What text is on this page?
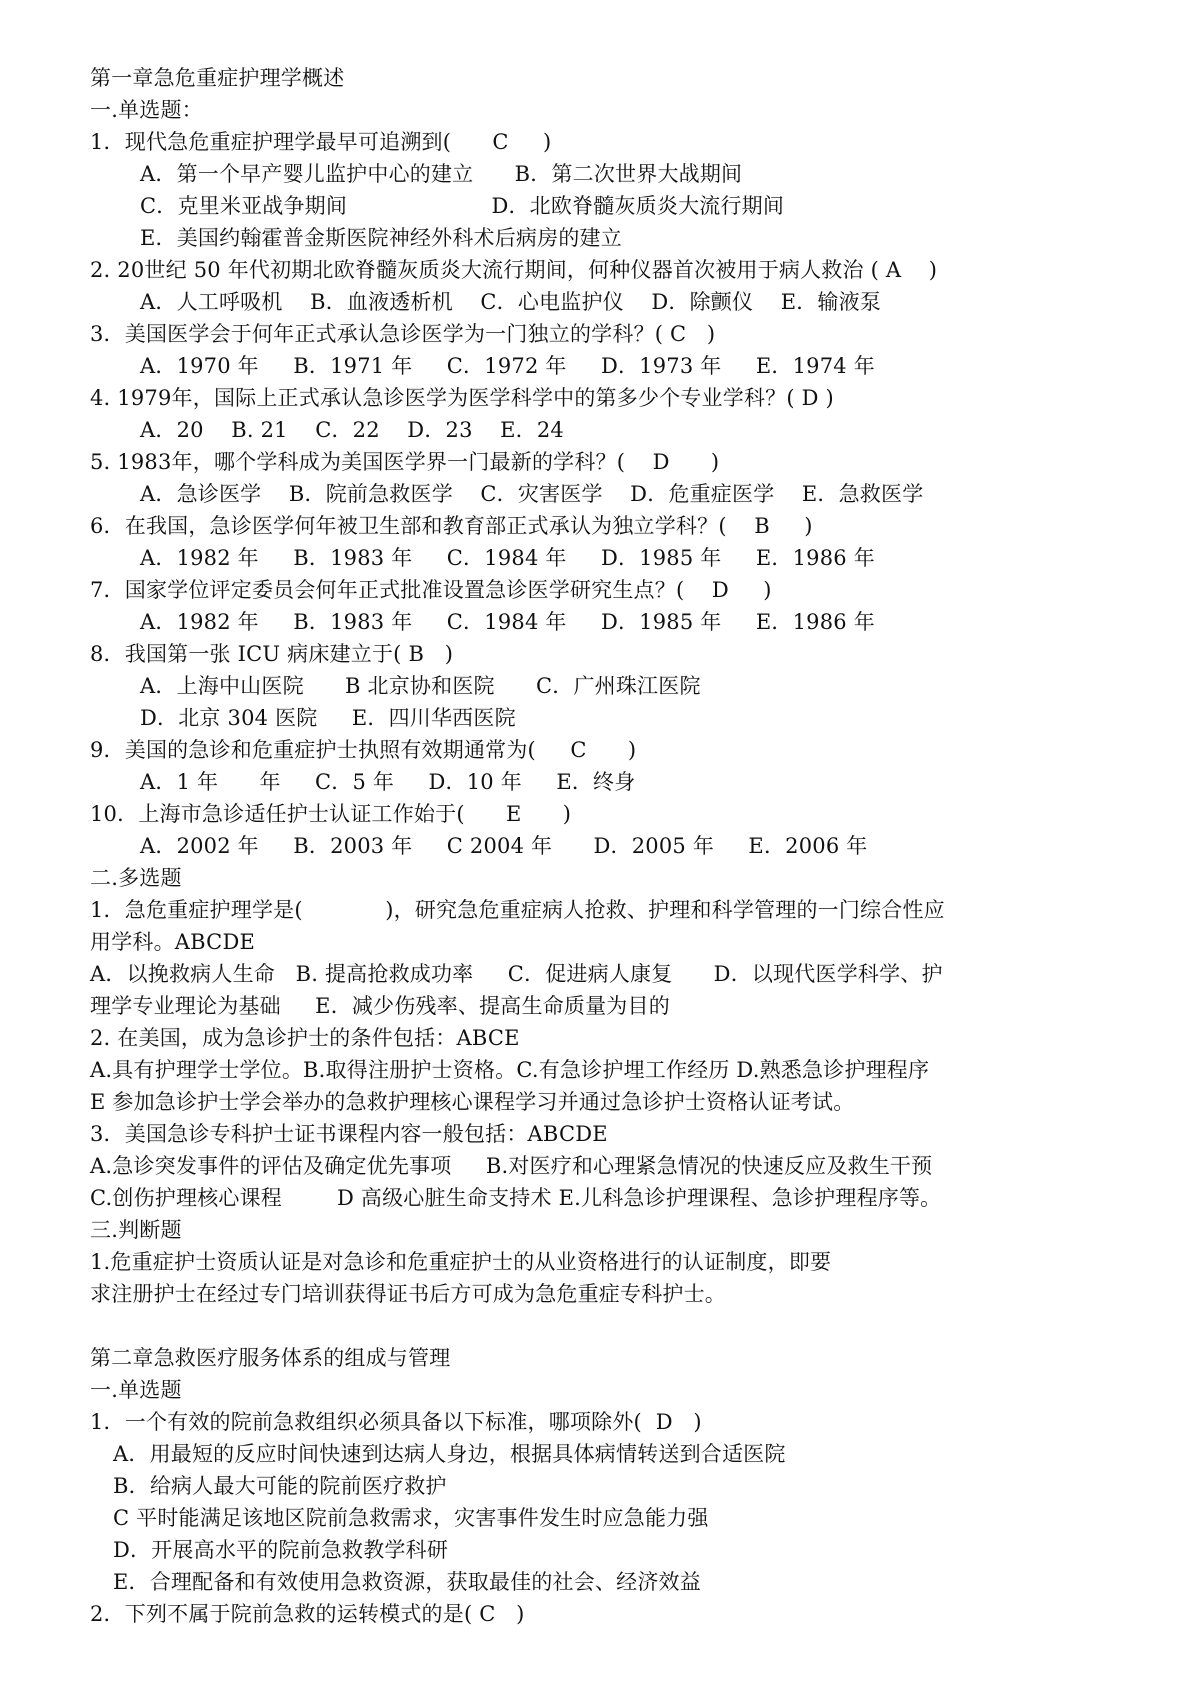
第一章急危重症护理学概述
一.单选题：
1．现代急危重症护理学最早可追溯到(      C     )
A．第一个早产婴儿监护中心的建立      B．第二次世界大战期间
C．克里米亚战争期间                     D．北欧脊髓灰质炎大流行期间
E．美国约翰霍普金斯医院神经外科术后病房的建立
2. 20世纪 50 年代初期北欧脊髓灰质炎大流行期间，何种仪器首次被用于病人救治 ( A    )
A．人工呼吸机    B．血液透析机    C．心电监护仪    D．除颤仪    E．输液泵
3．美国医学会于何年正式承认急诊医学为一门独立的学科？( C   )
A．1970 年     B．1971 年     C．1972 年     D．1973 年     E．1974 年
4. 1979年，国际上正式承认急诊医学为医学科学中的第多少个专业学科？( D )
A．20    B. 21    C．22    D．23    E．24
5. 1983年，哪个学科成为美国医学界一门最新的学科？(    D      )
A．急诊医学    B．院前急救医学    C．灾害医学    D．危重症医学    E．急救医学
6．在我国，急诊医学何年被卫生部和教育部正式承认为独立学科？(    B     )
A．1982 年     B．1983 年     C．1984 年     D．1985 年     E．1986 年
7．国家学位评定委员会何年正式批准设置急诊医学研究生点？(    D     )
A．1982 年     B．1983 年     C．1984 年     D．1985 年     E．1986 年
8．我国第一张 ICU 病床建立于( B   )
A．上海中山医院      B 北京协和医院      C．广州珠江医院
D．北京 304 医院     E．四川华西医院
9．美国的急诊和危重症护士执照有效期通常为(     C      )
A．1 年      年     C．5 年     D．10 年     E．终身
10．上海市急诊适任护士认证工作始于(      E      )
A．2002 年     B．2003 年     C 2004 年      D．2005 年     E．2006 年
二.多选题
1．急危重症护理学是(            )，研究急危重症病人抢救、护理和科学管理的一门综合性应
用学科。ABCDE
A．以挽救病人生命   B. 提高抢救成功率     C．促进病人康复      D．以现代医学科学、护
理学专业理论为基础     E．减少伤残率、提高生命质量为目的
2. 在美国，成为急诊护士的条件包括：ABCE
A.具有护理学士学位。B.取得注册护士资格。C.有急诊护埋工作经历 D.熟悉急诊护理程序
E 参加急诊护士学会举办的急救护理核心课程学习并通过急诊护士资格认证考试。
3．美国急诊专科护士证书课程内容一般包括：ABCDE
A.急诊突发事件的评估及确定优先事项     B.对医疗和心理紧急情况的快速反应及救生干预
C.创伤护理核心课程        D 高级心脏生命支持术 E.儿科急诊护理课程、急诊护理程序等。
三.判断题
1.危重症护士资质认证是对急诊和危重症护士的从业资格进行的认证制度，即要
求注册护士在经过专门培训获得证书后方可成为急危重症专科护士。
第二章急救医疗服务体系的组成与管理
一.单选题
1．一个有效的院前急救组织必须具备以下标准，哪项除外(  D   )
A．用最短的反应时间快速到达病人身边，根据具体病情转送到合适医院
B．给病人最大可能的院前医疗救护
C 平时能满足该地区院前急救需求，灾害事件发生时应急能力强
D．开展高水平的院前急救教学科研
E．合理配备和有效使用急救资源，获取最佳的社会、经济效益
2．下列不属于院前急救的运转模式的是( C   )
